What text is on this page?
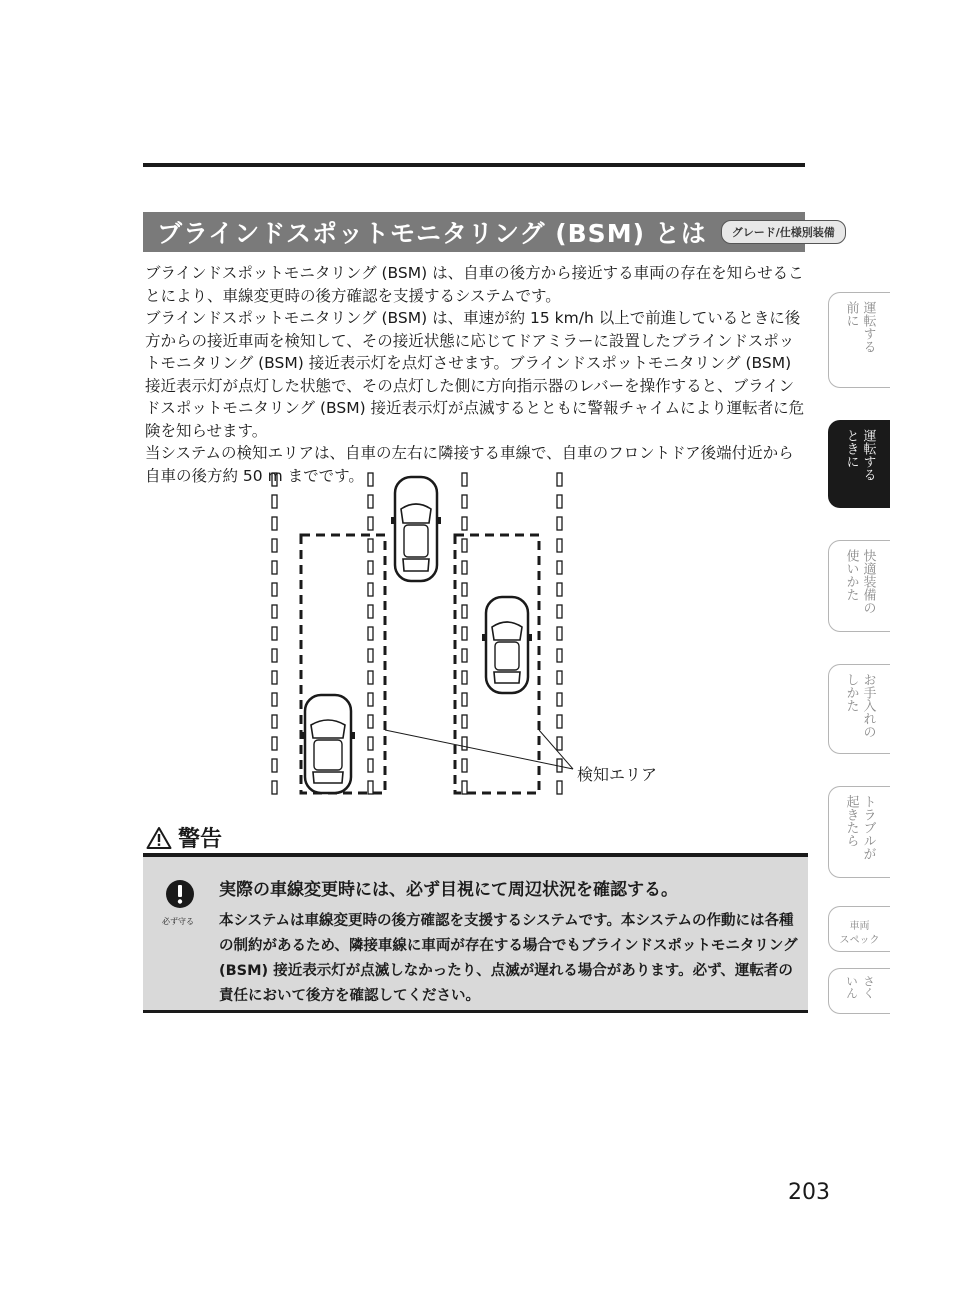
ブラインドスポットモニタリング (BSM) とは	グレード/仕様別装備

ブラインドスポットモニタリング (BSM) は、自車の後方から接近する車両の存在を知らせることにより、車線変更時の後方確認を支援するシステムです。

ブラインドスポットモニタリング (BSM) は、車速が約 15 km/h 以上で前進しているときに後方からの接近車両を検知して、その接近状態に応じてドアミラーに設置したブラインドスポットモニタリング (BSM) 接近表示灯を点灯させます。ブラインドスポットモニタリング (BSM) 接近表示灯が点灯した状態で、その点灯した側に方向指示器のレバーを操作すると、ブラインドスポットモニタリング (BSM) 接近表示灯が点滅するとともに警報チャイムにより運転者に危険を知らせます。

当システムの検知エリアは、自車の左右に隣接する車線で、自車のフロントドア後端付近から自車の後方約 50 m までです。

検知エリア
警告
必ず守る
実際の車線変更時には、必ず目視にて周辺状況を確認する。
本システムは車線変更時の後方確認を支援するシステムです。本システムの作動には各種の制約があるため、隣接車線に車両が存在する場合でもブラインドスポットモニタリング (BSM) 接近表示灯が点滅しなかったり、点滅が遅れる場合があります。必ず、運転者の責任において後方を確認してください。
運転する
前に
運転する
ときに
快適装備の
使いかた
お手入れの
しかた
トラブルが
起きたら
車両
スペック
さく
いん
203
